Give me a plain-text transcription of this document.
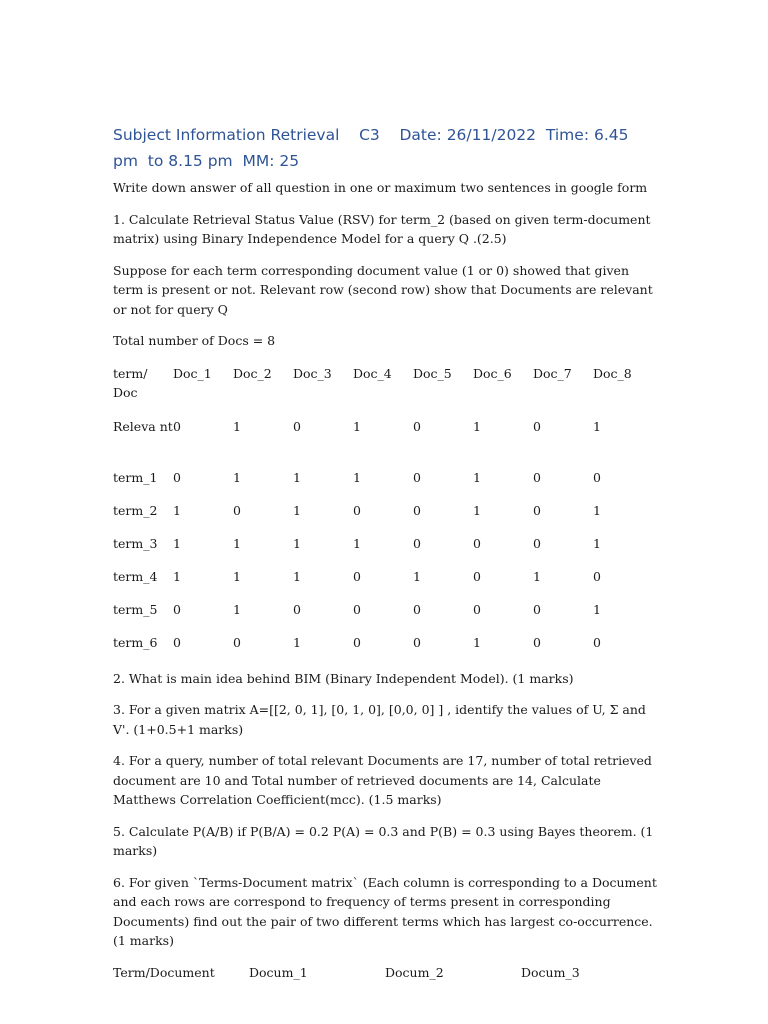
Subject Information Retrieval    C3    Date: 26/11/2022  Time: 6.45 pm  to 8.15 pm  MM: 25
Write down answer of all question in one or maximum two sentences in google form
1. Calculate Retrieval Status Value (RSV) for term_2 (based on given term-document matrix) using Binary Independence Model for a query Q .(2.5)
Suppose for each term corresponding document value (1 or 0) showed that given term is present or not. Relevant row (second row) show that Documents are relevant or not for query Q
Total number of Docs = 8
term/ Doc	Doc_1	Doc_2	Doc_3	Doc_4	Doc_5	Doc_6	Doc_7	Doc_8
Releva nt	0	1	0	1	0	1	0	1
term_1	0	1	1	1	0	1	0	0
term_2	1	0	1	0	0	1	0	1
term_3	1	1	1	1	0	0	0	1
term_4	1	1	1	0	1	0	1	0
term_5	0	1	0	0	0	0	0	1
term_6	0	0	1	0	0	1	0	0
2. What is main idea behind BIM (Binary Independent Model). (1 marks)
3. For a given matrix A=[[2, 0, 1], [0, 1, 0], [0,0, 0] ] , identify the values of U, Σ and V'. (1+0.5+1 marks)
4. For a query, number of total relevant Documents are 17, number of total retrieved document are 10 and Total number of retrieved documents are 14, Calculate Matthews Correlation Coefficient(mcc). (1.5 marks)
5. Calculate P(A/B) if P(B/A) = 0.2 P(A) = 0.3 and P(B) = 0.3 using Bayes theorem. (1 marks)
6. For given `Terms-Document matrix` (Each column is corresponding to a Document and each rows are correspond to frequency of terms present in corresponding Documents) find out the pair of two different terms which has largest co-occurrence. (1 marks)
Term/Document	Docum_1	Docum_2	Docum_3
